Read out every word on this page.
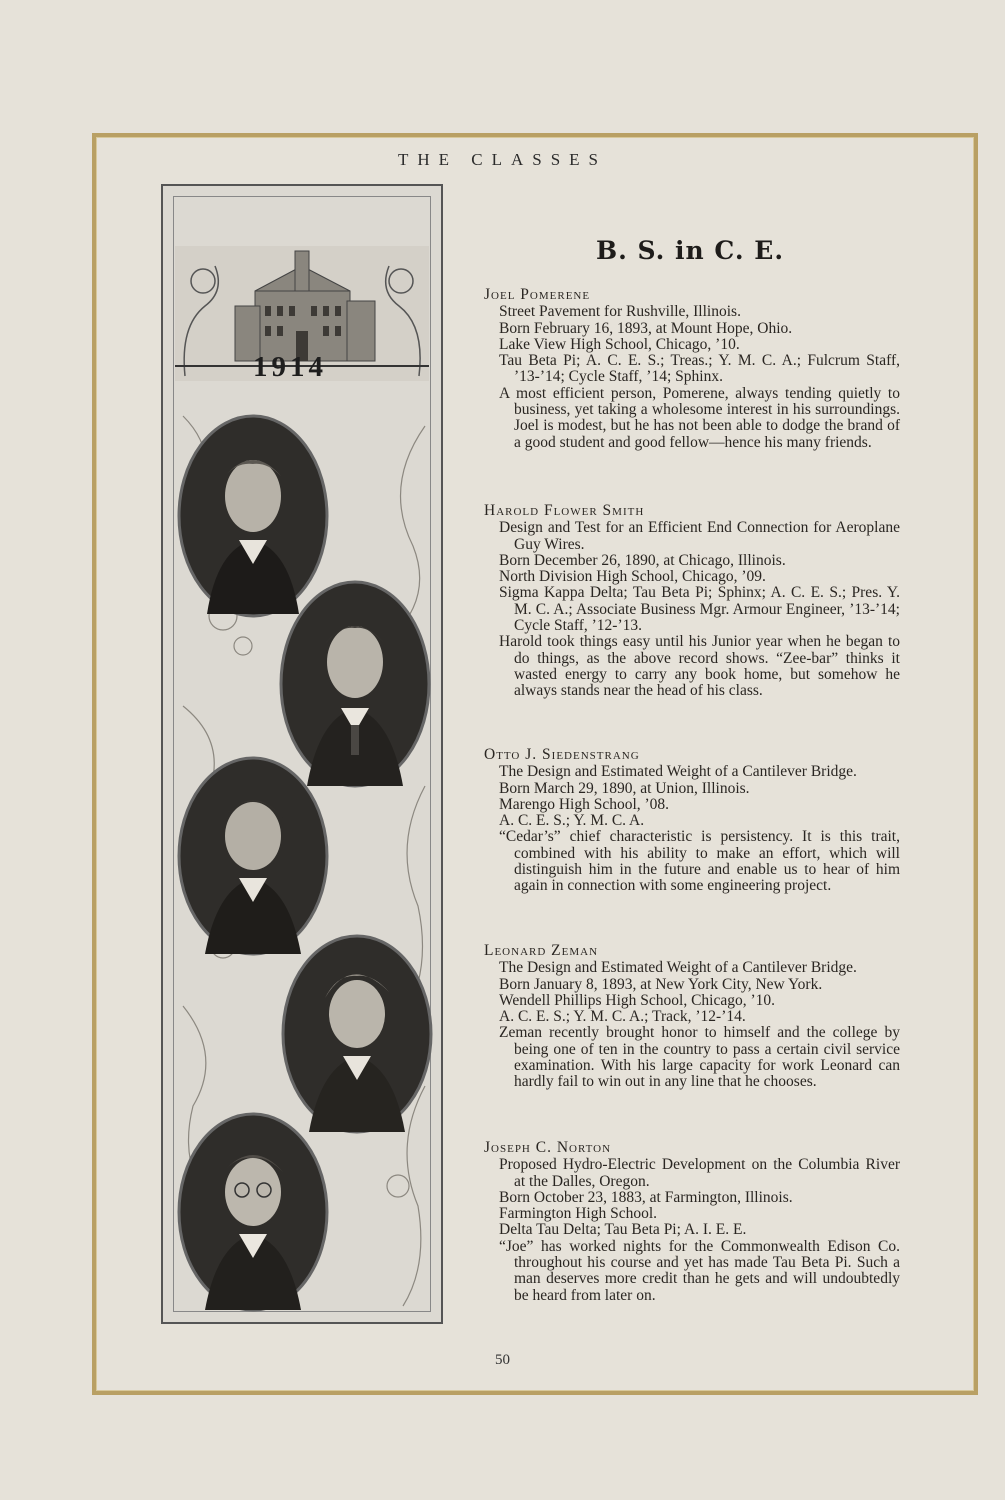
THE CLASSES
1914
B. S. in C. E.
Joel Pomerene
Street Pavement for Rushville, Illinois.
Born February 16, 1893, at Mount Hope, Ohio.
Lake View High School, Chicago, ’10.
Tau Beta Pi; A. C. E. S.; Treas.; Y. M. C. A.; Fulcrum Staff, ’13-’14; Cycle Staff, ’14; Sphinx.
A most efficient person, Pomerene, always tending quietly to business, yet taking a wholesome interest in his surroundings. Joel is modest, but he has not been able to dodge the brand of a good student and good fellow—hence his many friends.
Harold Flower Smith
Design and Test for an Efficient End Connection for Aeroplane Guy Wires.
Born December 26, 1890, at Chicago, Illinois.
North Division High School, Chicago, ’09.
Sigma Kappa Delta; Tau Beta Pi; Sphinx; A. C. E. S.; Pres. Y. M. C. A.; Associate Business Mgr. Armour Engineer, ’13-’14; Cycle Staff, ’12-’13.
Harold took things easy until his Junior year when he began to do things, as the above record shows. “Zee-bar” thinks it wasted energy to carry any book home, but somehow he always stands near the head of his class.
Otto J. Siedenstrang
The Design and Estimated Weight of a Cantilever Bridge.
Born March 29, 1890, at Union, Illinois.
Marengo High School, ’08.
A. C. E. S.; Y. M. C. A.
“Cedar’s” chief characteristic is persistency. It is this trait, combined with his ability to make an effort, which will distinguish him in the future and enable us to hear of him again in connection with some engineering project.
Leonard Zeman
The Design and Estimated Weight of a Cantilever Bridge.
Born January 8, 1893, at New York City, New York.
Wendell Phillips High School, Chicago, ’10.
A. C. E. S.; Y. M. C. A.; Track, ’12-’14.
Zeman recently brought honor to himself and the college by being one of ten in the country to pass a certain civil service examination. With his large capacity for work Leonard can hardly fail to win out in any line that he chooses.
Joseph C. Norton
Proposed Hydro-Electric Development on the Columbia River at the Dalles, Oregon.
Born October 23, 1883, at Farmington, Illinois.
Farmington High School.
Delta Tau Delta; Tau Beta Pi; A. I. E. E.
“Joe” has worked nights for the Commonwealth Edison Co. throughout his course and yet has made Tau Beta Pi. Such a man deserves more credit than he gets and will undoubtedly be heard from later on.
50
